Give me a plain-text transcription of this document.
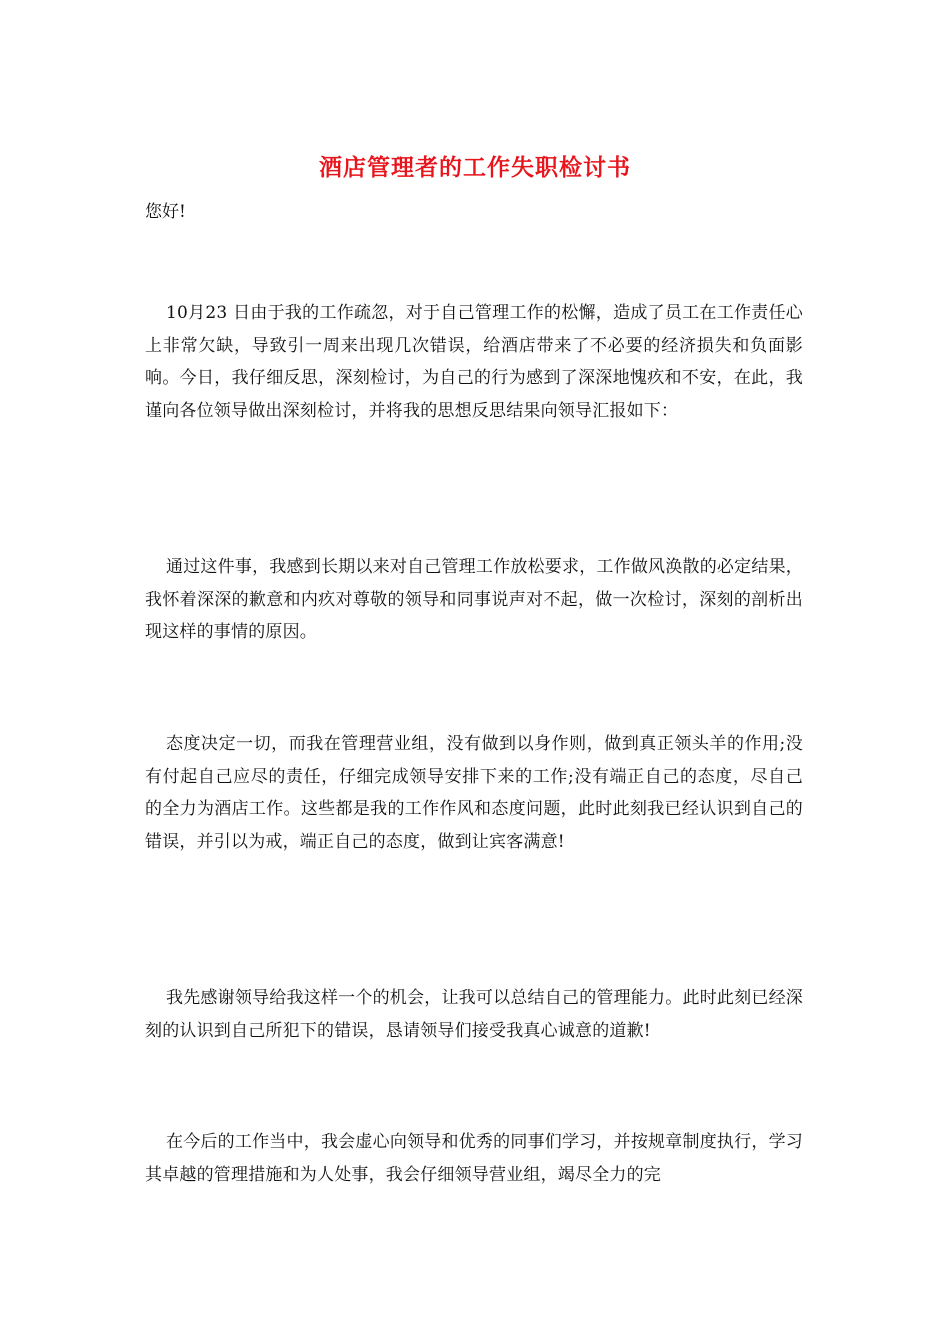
酒店管理者的工作失职检讨书

您好!

10月23 日由于我的工作疏忽，对于自己管理工作的松懈，造成了员工在工作责任心上非常欠缺，导致引一周来出现几次错误，给酒店带来了不必要的经济损失和负面影响。今日，我仔细反思，深刻检讨，为自己的行为感到了深深地愧疚和不安，在此，我谨向各位领导做出深刻检讨，并将我的思想反思结果向领导汇报如下：

通过这件事，我感到长期以来对自己管理工作放松要求，工作做风涣散的必定结果，我怀着深深的歉意和内疚对尊敬的领导和同事说声对不起，做一次检讨，深刻的剖析出现这样的事情的原因。

态度决定一切，而我在管理营业组，没有做到以身作则，做到真正领头羊的作用;没有付起自己应尽的责任，仔细完成领导安排下来的工作;没有端正自己的态度，尽自己的全力为酒店工作。这些都是我的工作作风和态度问题，此时此刻我已经认识到自己的错误，并引以为戒，端正自己的态度，做到让宾客满意!

我先感谢领导给我这样一个的机会，让我可以总结自己的管理能力。此时此刻已经深刻的认识到自己所犯下的错误，恳请领导们接受我真心诚意的道歉!

在今后的工作当中，我会虚心向领导和优秀的同事们学习，并按规章制度执行，学习其卓越的管理措施和为人处事，我会仔细领导营业组，竭尽全力的完
